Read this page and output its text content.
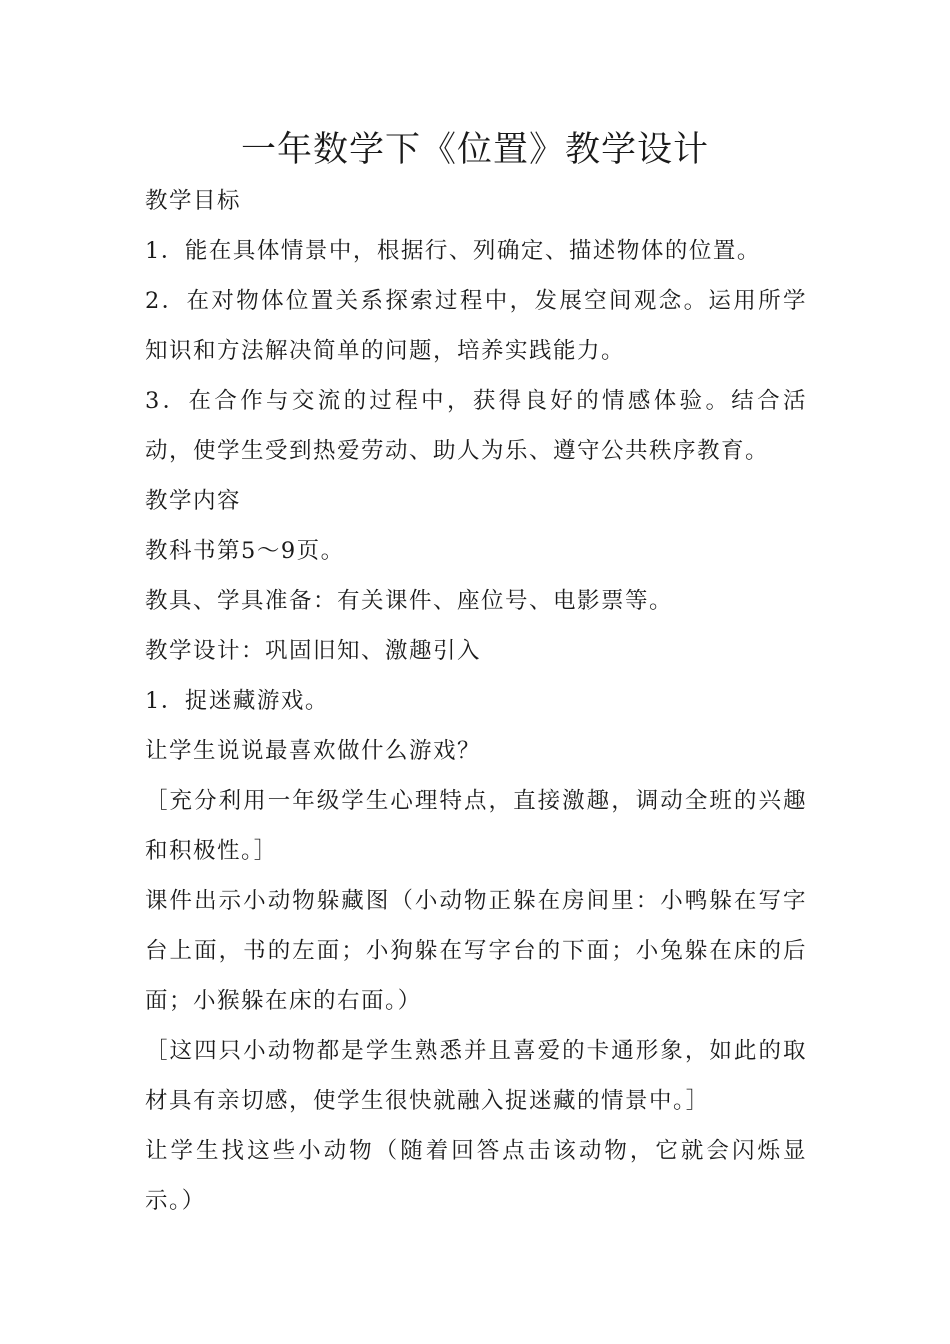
一年数学下《位置》教学设计

教学目标

1．能在具体情景中，根据行、列确定、描述物体的位置。

2．在对物体位置关系探索过程中，发展空间观念。运用所学知识和方法解决简单的问题，培养实践能力。

3．在合作与交流的过程中，获得良好的情感体验。结合活动，使学生受到热爱劳动、助人为乐、遵守公共秩序教育。

教学内容

教科书第5～9页。

教具、学具准备：有关课件、座位号、电影票等。

教学设计：巩固旧知、激趣引入

1．捉迷藏游戏。

让学生说说最喜欢做什么游戏？

［充分利用一年级学生心理特点，直接激趣，调动全班的兴趣和积极性。］

课件出示小动物躲藏图（小动物正躲在房间里：小鸭躲在写字台上面，书的左面；小狗躲在写字台的下面；小兔躲在床的后面；小猴躲在床的右面。）

［这四只小动物都是学生熟悉并且喜爱的卡通形象，如此的取材具有亲切感，使学生很快就融入捉迷藏的情景中。］

让学生找这些小动物（随着回答点击该动物，它就会闪烁显示。）
